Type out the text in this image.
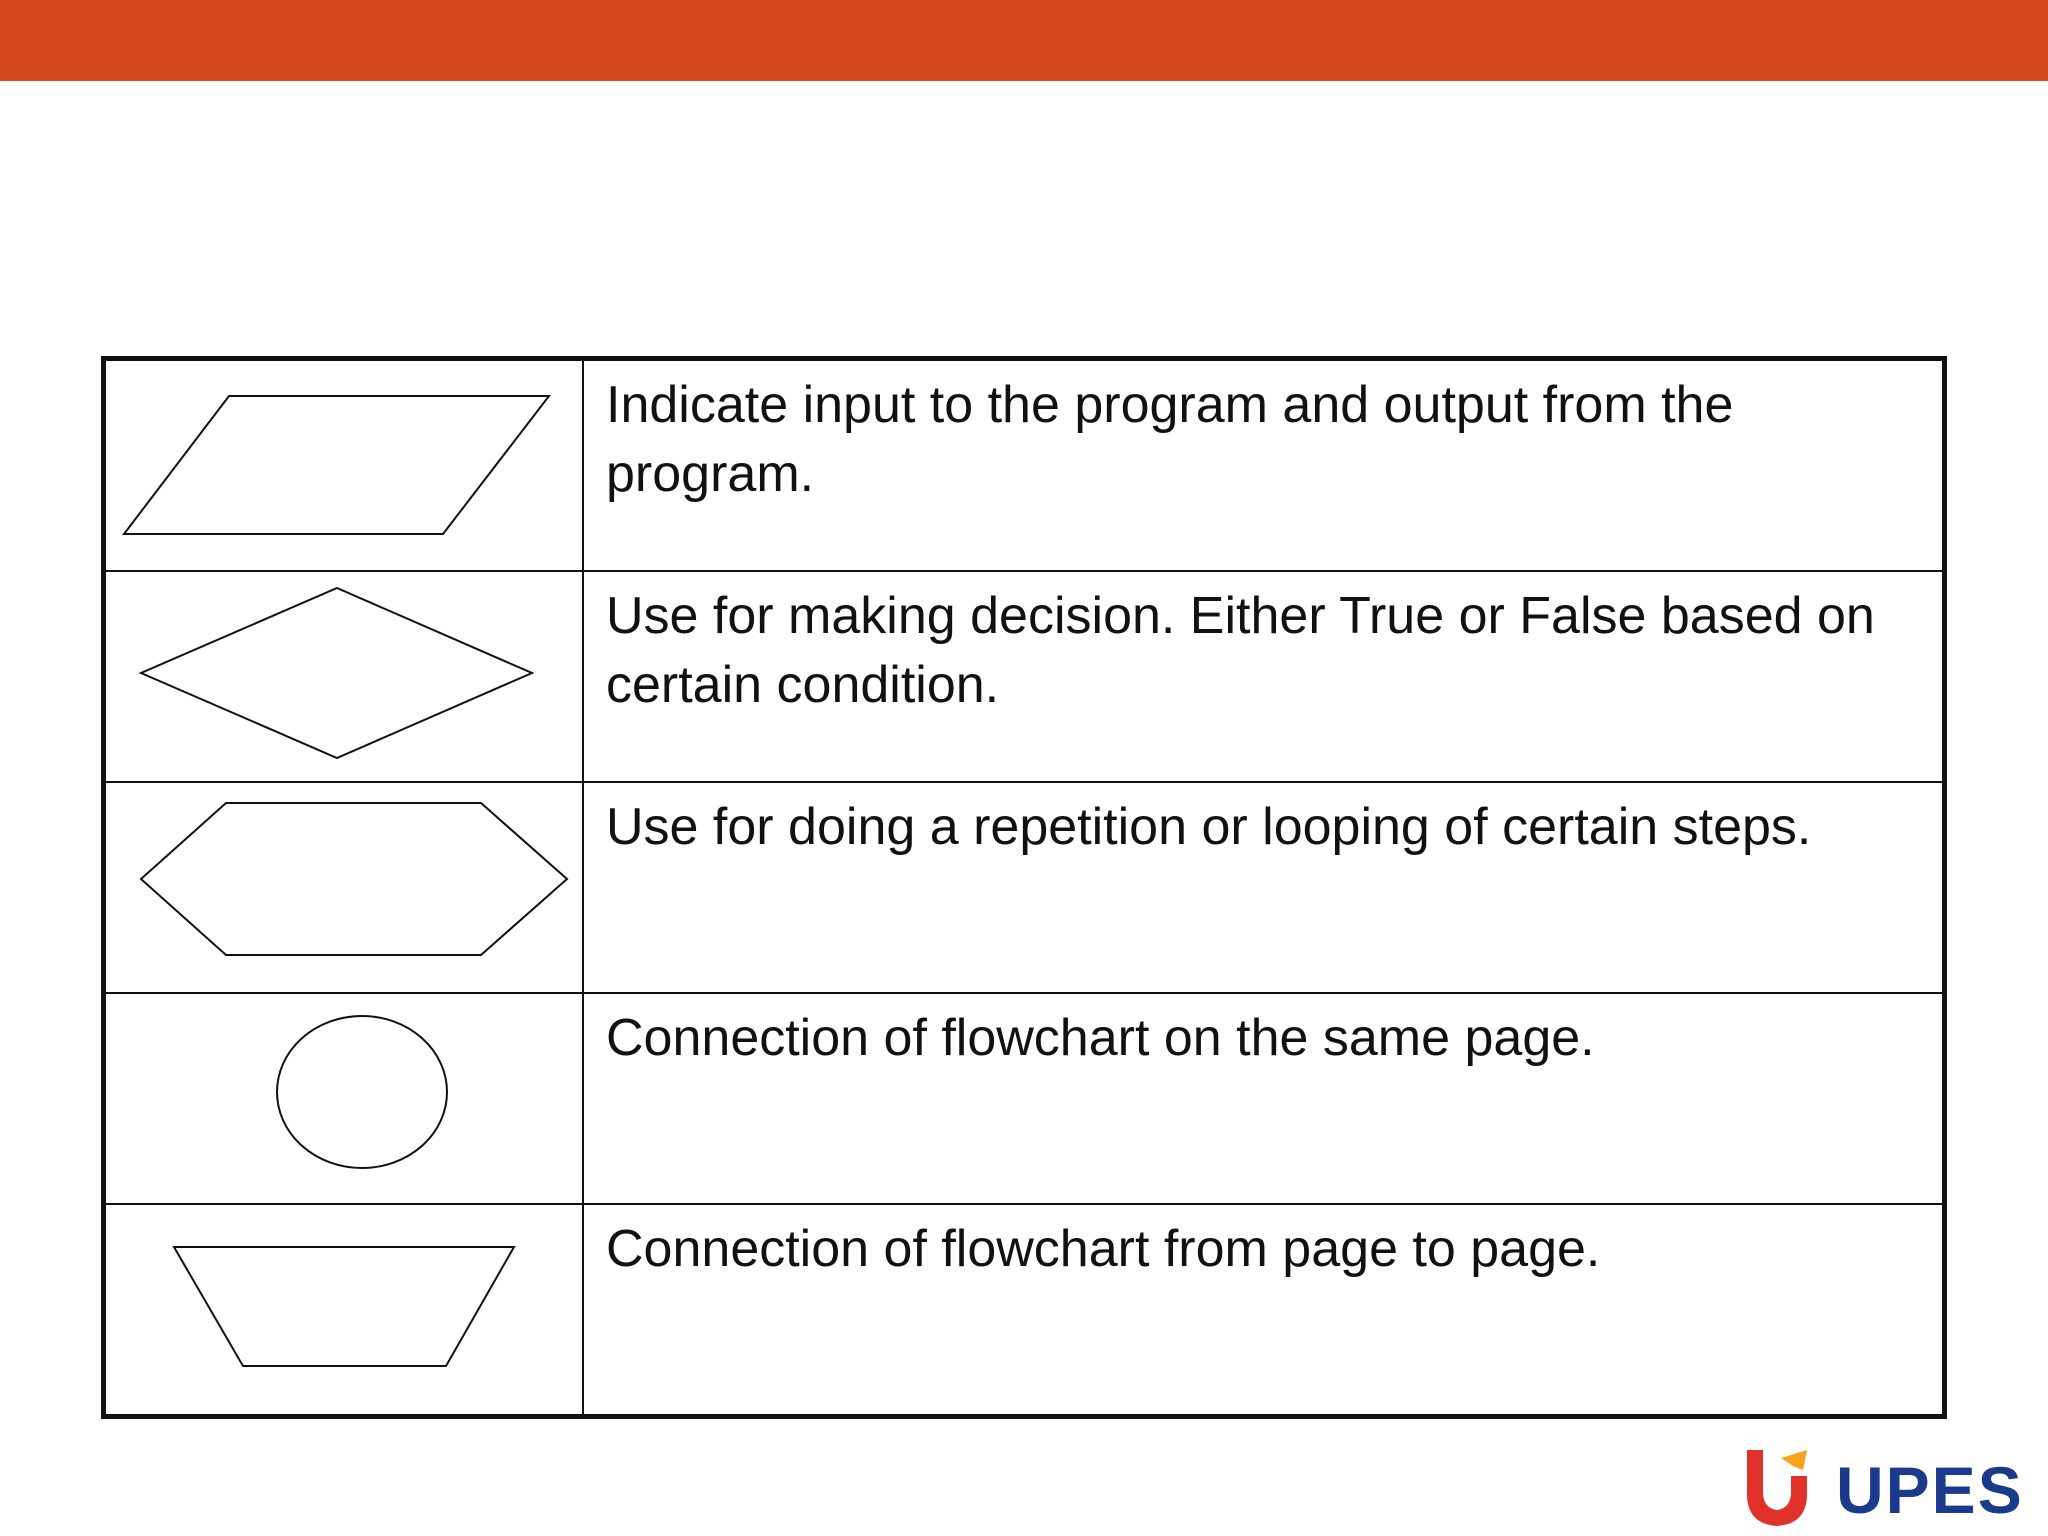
	Indicate input to the program and output from the program.

	Use for making decision. Either True or False based on certain condition.

	Use for doing a repetition or looping of certain steps.

	Connection of flowchart on the same page.

	Connection of flowchart from page to page.
UPES
